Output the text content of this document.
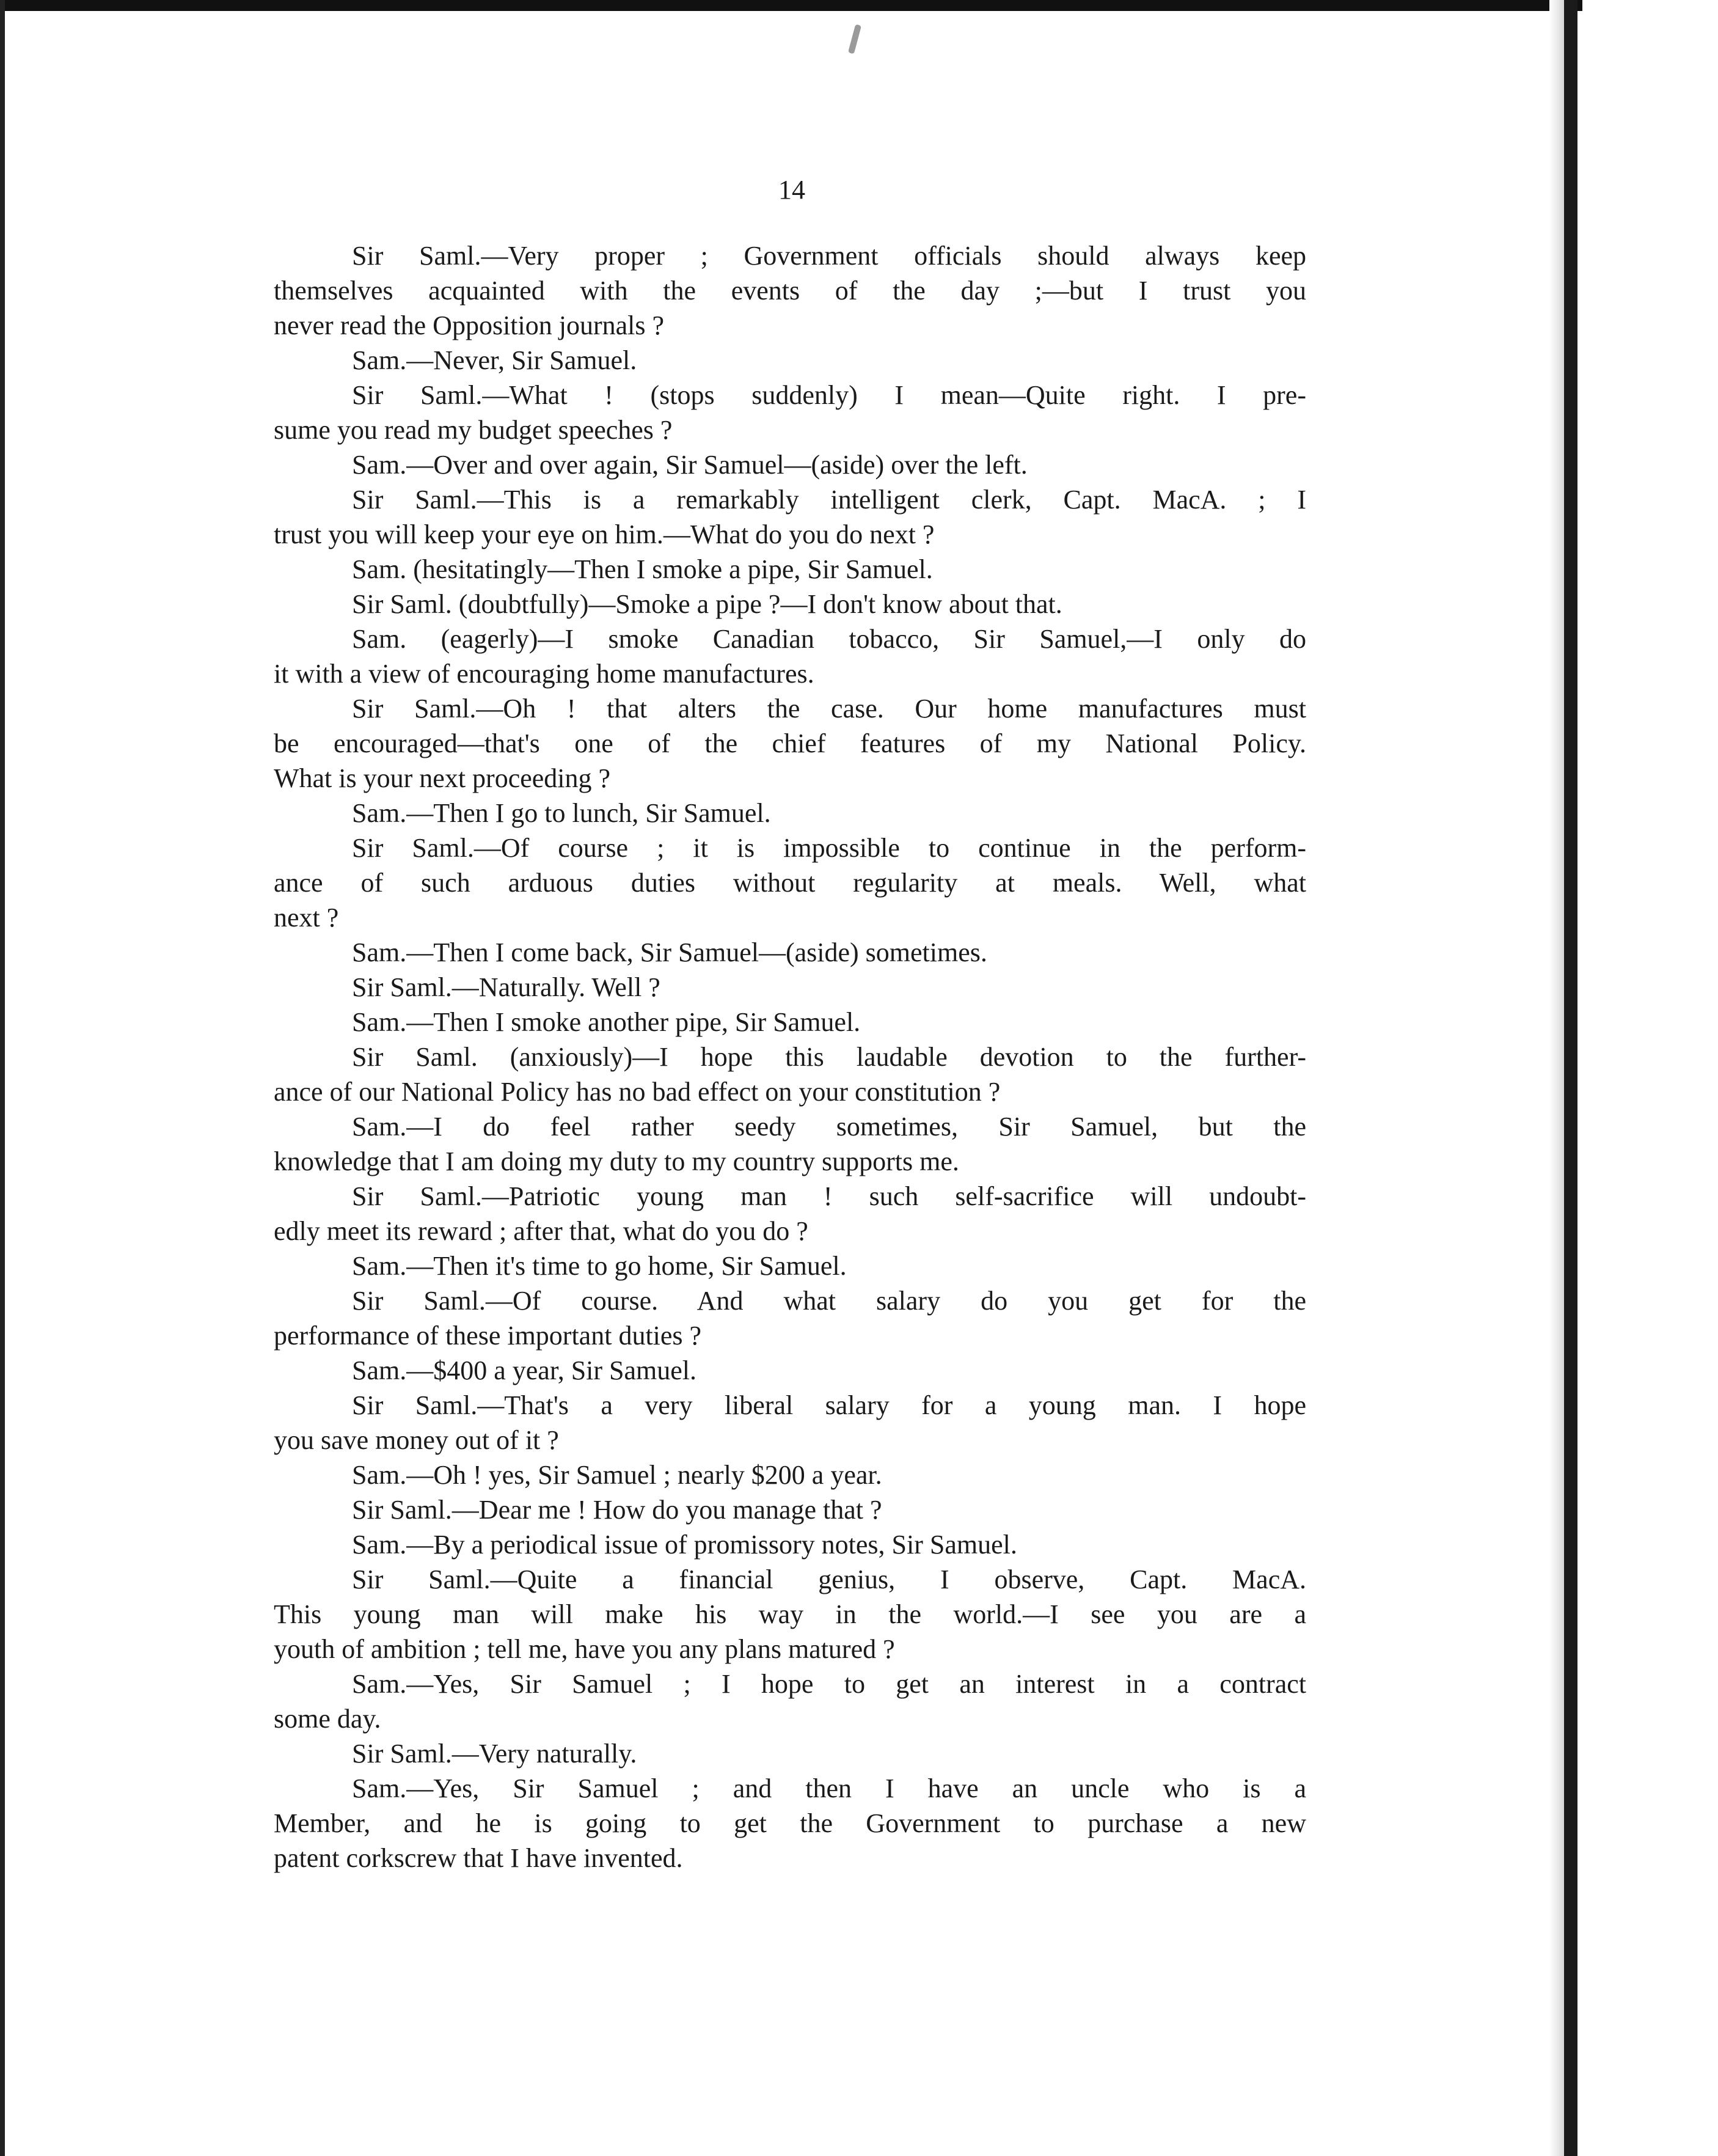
14
Sir Saml.—Very proper ; Government officials should always keep
themselves acquainted with the events of the day ;—but I trust you
never read the Opposition journals ?
Sam.—Never, Sir Samuel.
Sir Saml.—What ! (stops suddenly) I mean—Quite right. I pre-
sume you read my budget speeches ?
Sam.—Over and over again, Sir Samuel—(aside) over the left.
Sir Saml.—This is a remarkably intelligent clerk, Capt. MacA. ; I
trust you will keep your eye on him.—What do you do next ?
Sam. (hesitatingly—Then I smoke a pipe, Sir Samuel.
Sir Saml. (doubtfully)—Smoke a pipe ?—I don't know about that.
Sam. (eagerly)—I smoke Canadian tobacco, Sir Samuel,—I only do
it with a view of encouraging home manufactures.
Sir Saml.—Oh ! that alters the case. Our home manufactures must
be encouraged—that's one of the chief features of my National Policy.
What is your next proceeding ?
Sam.—Then I go to lunch, Sir Samuel.
Sir Saml.—Of course ; it is impossible to continue in the perform-
ance of such arduous duties without regularity at meals. Well, what
next ?
Sam.—Then I come back, Sir Samuel—(aside) sometimes.
Sir Saml.—Naturally. Well ?
Sam.—Then I smoke another pipe, Sir Samuel.
Sir Saml. (anxiously)—I hope this laudable devotion to the further-
ance of our National Policy has no bad effect on your constitution ?
Sam.—I do feel rather seedy sometimes, Sir Samuel, but the
knowledge that I am doing my duty to my country supports me.
Sir Saml.—Patriotic young man ! such self-sacrifice will undoubt-
edly meet its reward ; after that, what do you do ?
Sam.—Then it's time to go home, Sir Samuel.
Sir Saml.—Of course. And what salary do you get for the
performance of these important duties ?
Sam.—$400 a year, Sir Samuel.
Sir Saml.—That's a very liberal salary for a young man. I hope
you save money out of it ?
Sam.—Oh ! yes, Sir Samuel ; nearly $200 a year.
Sir Saml.—Dear me ! How do you manage that ?
Sam.—By a periodical issue of promissory notes, Sir Samuel.
Sir Saml.—Quite a financial genius, I observe, Capt. MacA.
This young man will make his way in the world.—I see you are a
youth of ambition ; tell me, have you any plans matured ?
Sam.—Yes, Sir Samuel ; I hope to get an interest in a contract
some day.
Sir Saml.—Very naturally.
Sam.—Yes, Sir Samuel ; and then I have an uncle who is a
Member, and he is going to get the Government to purchase a new
patent corkscrew that I have invented.
